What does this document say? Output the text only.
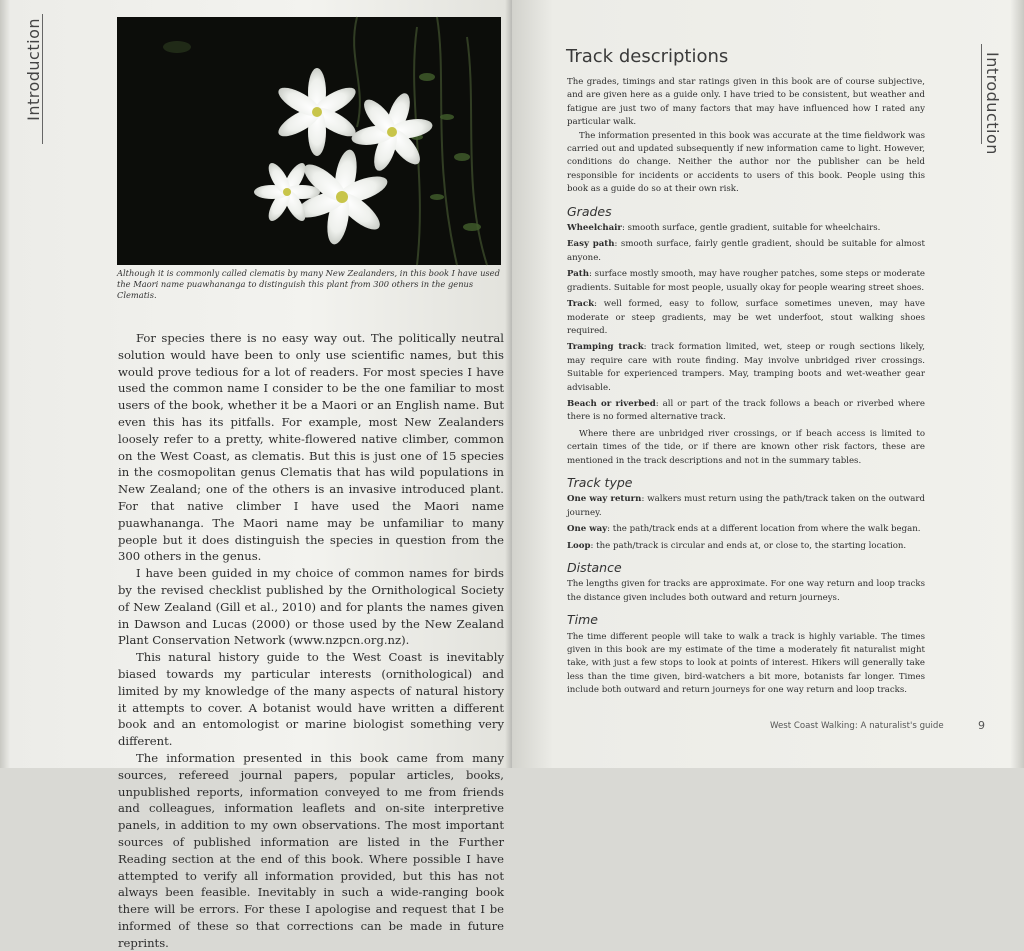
Introduction
Although it is commonly called clematis by many New Zealanders, in this book I have used the Maori name puawhananga to distinguish this plant from 300 others in the genus Clematis.

For species there is no easy way out. The politically neutral solution would have been to only use scientific names, but this would prove tedious for a lot of readers. For most species I have used the common name I consider to be the one familiar to most users of the book, whether it be a Maori or an English name. But even this has its pitfalls. For example, most New Zealanders loosely refer to a pretty, white-flowered native climber, common on the West Coast, as clematis. But this is just one of 15 species in the cosmopolitan genus Clematis that has wild populations in New Zealand; one of the others is an invasive introduced plant. For that native climber I have used the Maori name puawhananga. The Maori name may be unfamiliar to many people but it does distinguish the species in question from the 300 others in the genus.

I have been guided in my choice of common names for birds by the revised checklist published by the Ornithological Society of New Zealand (Gill et al., 2010) and for plants the names given in Dawson and Lucas (2000) or those used by the New Zealand Plant Conservation Network (www.nzpcn.org.nz).

This natural history guide to the West Coast is inevitably biased towards my particular interests (ornithological) and limited by my knowledge of the many aspects of natural history it attempts to cover. A botanist would have written a different book and an entomologist or marine biologist something very different.

The information presented in this book came from many sources, refereed journal papers, popular articles, books, unpublished reports, information conveyed to me from friends and colleagues, information leaflets and on-site interpretive panels, in addition to my own observations. The most important sources of published information are listed in the Further Reading section at the end of this book. Where possible I have attempted to verify all information provided, but this has not always been feasible. Inevitably in such a wide-ranging book there will be errors. For these I apologise and request that I be informed of these so that corrections can be made in future reprints.

Introduction
Track descriptions

The grades, timings and star ratings given in this book are of course subjective, and are given here as a guide only. I have tried to be consistent, but weather and fatigue are just two of many factors that may have influenced how I rated any particular walk.

The information presented in this book was accurate at the time fieldwork was carried out and updated subsequently if new information came to light. However, conditions do change. Neither the author nor the publisher can be held responsible for incidents or accidents to users of this book. People using this book as a guide do so at their own risk.

Grades

Wheelchair: smooth surface, gentle gradient, suitable for wheelchairs.

Easy path: smooth surface, fairly gentle gradient, should be suitable for almost anyone.

Path: surface mostly smooth, may have rougher patches, some steps or moderate gradients. Suitable for most people, usually okay for people wearing street shoes.

Track: well formed, easy to follow, surface sometimes uneven, may have moderate or steep gradients, may be wet underfoot, stout walking shoes required.

Tramping track: track formation limited, wet, steep or rough sections likely, may require care with route finding. May involve unbridged river crossings. Suitable for experienced trampers. May, tramping boots and wet-weather gear advisable.

Beach or riverbed: all or part of the track follows a beach or riverbed where there is no formed alternative track.

Where there are unbridged river crossings, or if beach access is limited to certain times of the tide, or if there are known other risk factors, these are mentioned in the track descriptions and not in the summary tables.

Track type

One way return: walkers must return using the path/track taken on the outward journey.

One way: the path/track ends at a different location from where the walk began.

Loop: the path/track is circular and ends at, or close to, the starting location.

Distance

The lengths given for tracks are approximate. For one way return and loop tracks the distance given includes both outward and return journeys.

Time

The time different people will take to walk a track is highly variable. The times given in this book are my estimate of the time a moderately fit naturalist might take, with just a few stops to look at points of interest. Hikers will generally take less than the time given, bird-watchers a bit more, botanists far longer. Times include both outward and return journeys for one way return and loop tracks.

West Coast Walking: A naturalist's guide	9
